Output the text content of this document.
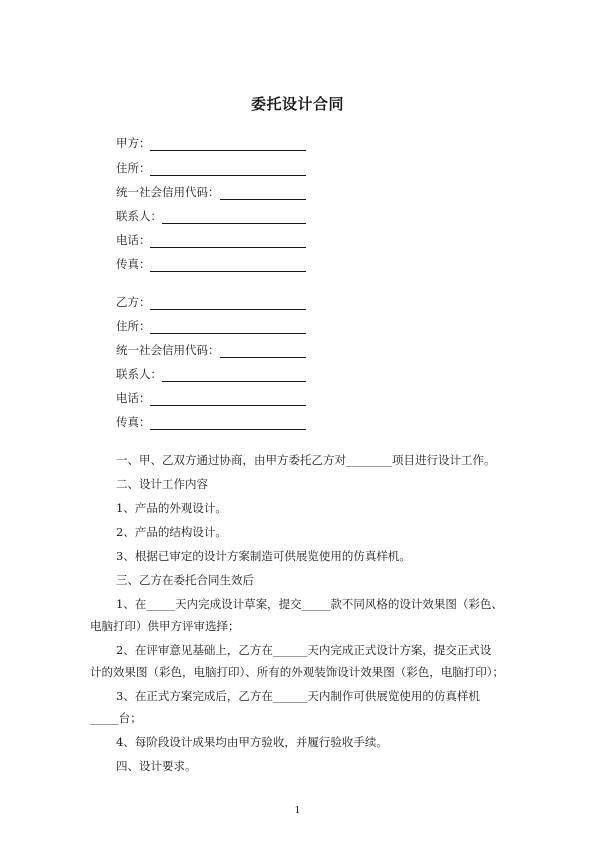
委托设计合同
甲方：
住所：
统一社会信用代码：
联系人：
电话：
传真：
乙方：
住所：
统一社会信用代码：
联系人：
电话：
传真：
一、甲、乙双方通过协商，由甲方委托乙方对________项目进行设计工作。
二、设计工作内容
1、产品的外观设计。
2、产品的结构设计。
3、根据已审定的设计方案制造可供展览使用的仿真样机。
三、乙方在委托合同生效后
1、在_____天内完成设计草案，提交_____款不同风格的设计效果图（彩色、
电脑打印）供甲方评审选择；
2、在评审意见基础上，乙方在______天内完成正式设计方案，提交正式设
计的效果图（彩色，电脑打印）、所有的外观装饰设计效果图（彩色，电脑打印）；
3、在正式方案完成后，乙方在______天内制作可供展览使用的仿真样机
_____台；
4、每阶段设计成果均由甲方验收，并履行验收手续。
四、设计要求。
1
